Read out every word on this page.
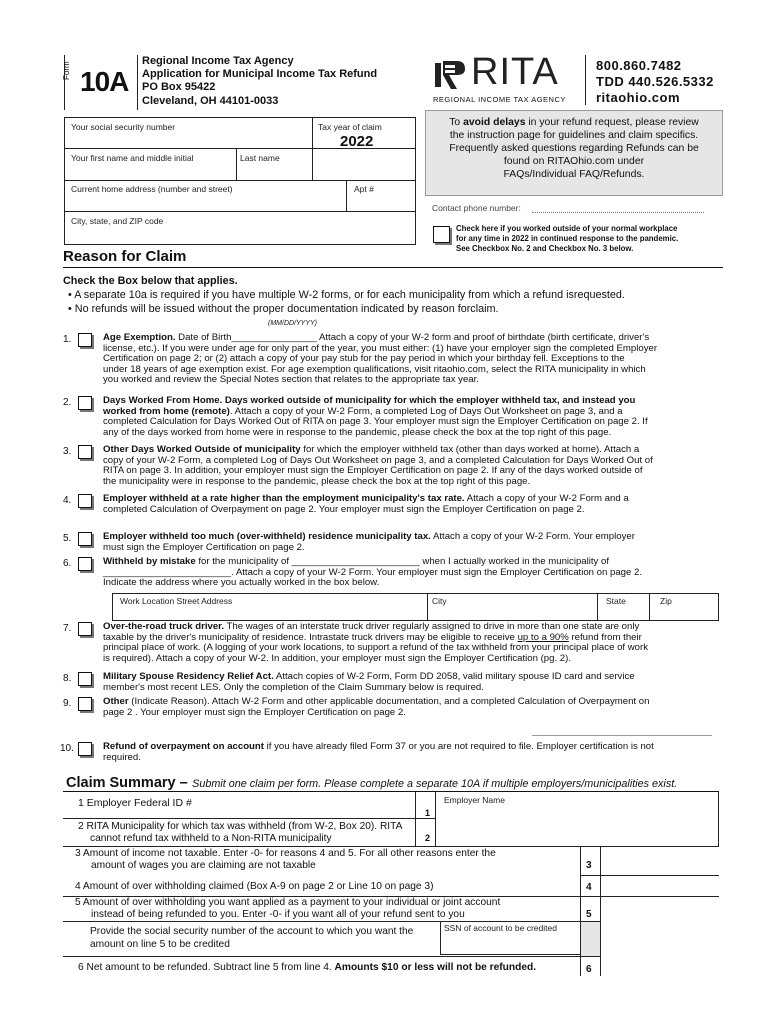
Form 10A
Regional Income Tax Agency
Application for Municipal Income Tax Refund
PO Box 95422
Cleveland, OH 44101-0033
RITA
REGIONAL INCOME TAX AGENCY
800.860.7482
TDD 440.526.5332
ritaohio.com
Your social security number	Tax year of claim
2022
Your first name and middle initial	Last name
Current home address (number and street)	Apt #
City, state, and ZIP code
To avoid delays in your refund request, please review
the instruction page for guidelines and claim specifics.
Frequently asked questions regarding Refunds can be
found on RITAOhio.com under
FAQs/Individual FAQ/Refunds.
Contact phone number:
Check here if you worked outside of your normal workplace
for any time in 2022 in continued response to the pandemic.
See Checkbox No. 2 and Checkbox No. 3 below.
Reason for Claim
Check the Box below that applies.
• A separate 10a is required if you have multiple W-2 forms, or for each municipality from which a refund isrequested.
• No refunds will be issued without the proper documentation indicated by reason forclaim.
(MM/DD/YYYY)
1.	Age Exemption. Date of Birth________________ Attach a copy of your W-2 form and proof of birthdate (birth certificate, driver's
license, etc.). If you were under age for only part of the year, you must either: (1) have your employer sign the completed Employer
Certification on page 2; or (2) attach a copy of your pay stub for the pay period in which your birthday fell. Exceptions to the
under 18 years of age exemption exist. For age exemption qualifications, visit ritaohio.com, select the RITA municipality in which
you worked and review the Special Notes section that relates to the appropriate tax year.
2.	Days Worked From Home. Days worked outside of municipality for which the employer withheld tax, and instead you
worked from home (remote). Attach a copy of your W-2 Form, a completed Log of Days Out Worksheet on page 3, and a
completed Calculation for Days Worked Out of RITA on page 3. Your employer must sign the Employer Certification on page 2. If
any of the days worked from home were in response to the pandemic, please check the box at the top right of this page.
3.	Other Days Worked Outside of municipality for which the employer withheld tax (other than days worked at home). Attach a
copy of your W-2 Form, a completed Log of Days Out Worksheet on page 3, and a completed Calculation for Days Worked Out of
RITA on page 3. In addition, your employer must sign the Employer Certification on page 2. If any of the days worked outside of
the municipality were in response to the pandemic, please check the box at the top right of this page.
4.	Employer withheld at a rate higher than the employment municipality's tax rate. Attach a copy of your W-2 Form and a
completed Calculation of Overpayment on page 2. Your employer must sign the Employer Certification on page 2.
5.	Employer withheld too much (over-withheld) residence municipality tax. Attach a copy of your W-2 Form. Your employer
must sign the Employer Certification on page 2.
6.	Withheld by mistake for the municipality of ________________________ when I actually worked in the municipality of
________________________. Attach a copy of your W-2 Form. Your employer must sign the Employer Certification on page 2.
Indicate the address where you actually worked in the box below.
7.	Over-the-road truck driver. The wages of an interstate truck driver regularly assigned to drive in more than one state are only
taxable by the driver's municipality of residence. Intrastate truck drivers may be eligible to receive up to a 90% refund from their
principal place of work. (A logging of your work locations, to support a refund of the tax withheld from your principal place of work
is required). Attach a copy of your W-2. In addition, your employer must sign the Employer Certification (pg. 2).
8.	Military Spouse Residency Relief Act. Attach copies of W-2 Form, Form DD 2058, valid military spouse ID card and service
member's most recent LES. Only the completion of the Claim Summary below is required.
9.	Other (Indicate Reason). Attach W-2 Form and other applicable documentation, and a completed Calculation of Overpayment on
page 2 . Your employer must sign the Employer Certification on page 2.
10.	Refund of overpayment on account if you have already filed Form 37 or you are not required to file. Employer certification is not
required.
Work Location Street Address	City	State	Zip
Claim Summary – Submit one claim per form. Please complete a separate 10A if multiple employers/municipalities exist.
1 Employer Federal ID #
1
Employer Name
2 RITA Municipality for which tax was withheld (from W-2, Box 20). RITA
cannot refund tax withheld to a Non-RITA municipality	2
3 Amount of income not taxable. Enter -0- for reasons 4 and 5. For all other reasons enter the
amount of wages you are claiming are not taxable	3
4 Amount of over withholding claimed (Box A-9 on page 2 or Line 10 on page 3)	4
5 Amount of over withholding you want applied as a payment to your individual or joint account
instead of being refunded to you. Enter -0- if you want all of your refund sent to you	5
Provide the social security number of the account to which you want the
amount on line 5 to be credited
SSN of account to be credited
6 Net amount to be refunded. Subtract line 5 from line 4. Amounts $10 or less will not be refunded.	6
